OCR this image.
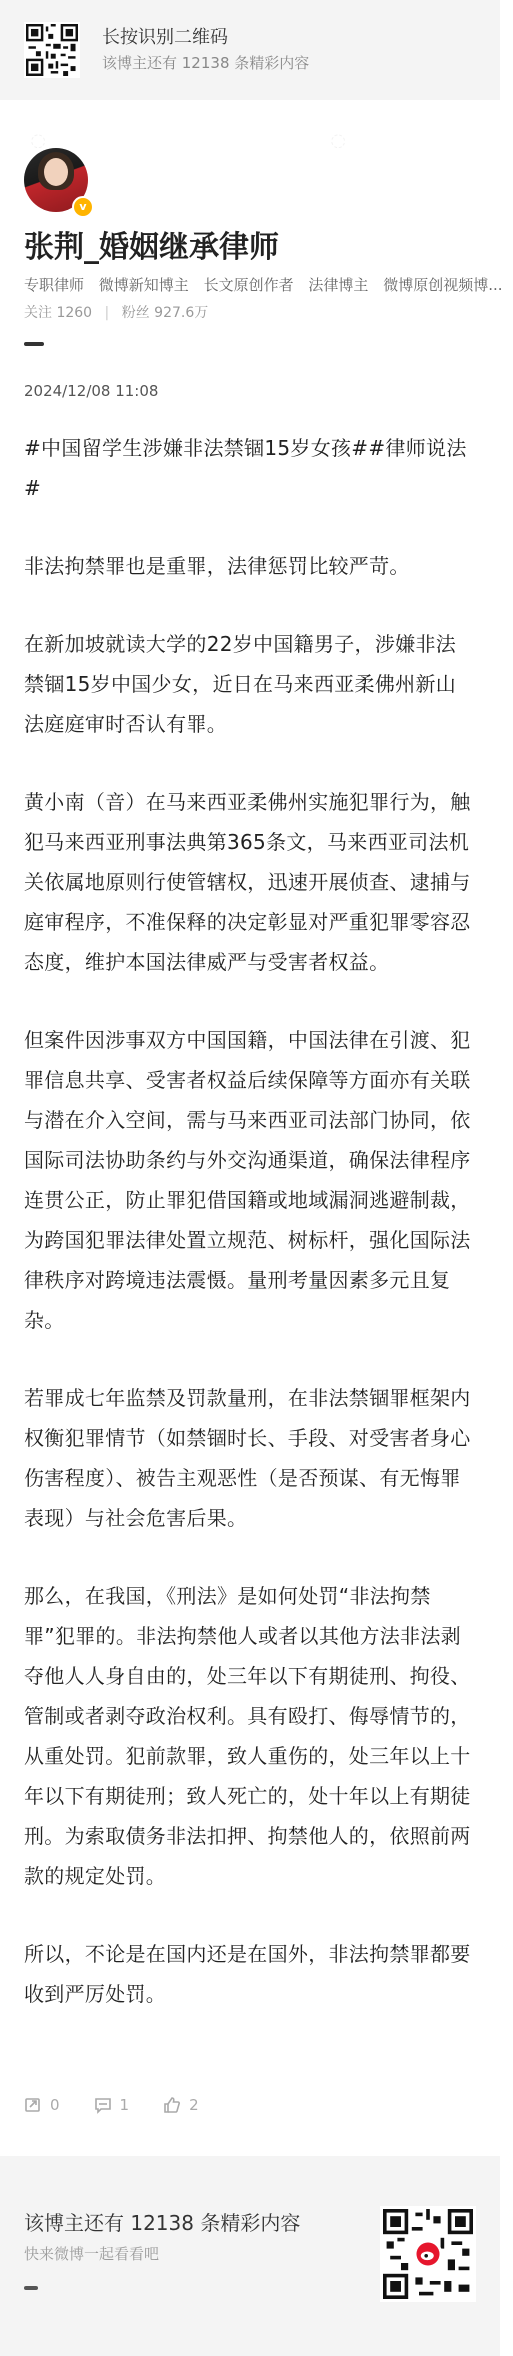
◌	◌
长按识别二维码
该博主还有 12138 条精彩内容
v
张荆_婚姻继承律师
专职律师 微博新知博主 长文原创作者 法律博主 微博原创视频博...
关注 1260 | 粉丝 927.6万
2024/12/08 11:08

#中国留学生涉嫌非法禁锢15岁女孩##律师说法#

非法拘禁罪也是重罪，法律惩罚比较严苛。

在新加坡就读大学的22岁中国籍男子，涉嫌非法禁锢15岁中国少女，近日在马来西亚柔佛州新山法庭庭审时否认有罪。

黄小南（音）在马来西亚柔佛州实施犯罪行为，触犯马来西亚刑事法典第365条文，马来西亚司法机关依属地原则行使管辖权，迅速开展侦查、逮捕与庭审程序，不准保释的决定彰显对严重犯罪零容忍态度，维护本国法律威严与受害者权益。

但案件因涉事双方中国国籍，中国法律在引渡、犯罪信息共享、受害者权益后续保障等方面亦有关联与潜在介入空间，需与马来西亚司法部门协同，依国际司法协助条约与外交沟通渠道，确保法律程序连贯公正，防止罪犯借国籍或地域漏洞逃避制裁，为跨国犯罪法律处置立规范、树标杆，强化国际法律秩序对跨境违法震慑。量刑考量因素多元且复杂。

若罪成七年监禁及罚款量刑，在非法禁锢罪框架内权衡犯罪情节（如禁锢时长、手段、对受害者身心伤害程度）、被告主观恶性（是否预谋、有无悔罪表现）与社会危害后果。

那么，在我国，《刑法》是如何处罚“非法拘禁罪”犯罪的。非法拘禁他人或者以其他方法非法剥夺他人人身自由的，处三年以下有期徒刑、拘役、管制或者剥夺政治权利。具有殴打、侮辱情节的，从重处罚。犯前款罪，致人重伤的，处三年以上十年以下有期徒刑；致人死亡的，处十年以上有期徒刑。为索取债务非法扣押、拘禁他人的，依照前两款的规定处罚。

所以，不论是在国内还是在国外，非法拘禁罪都要收到严厉处罚。

0	1	2
该博主还有 12138 条精彩内容
快来微博一起看看吧
